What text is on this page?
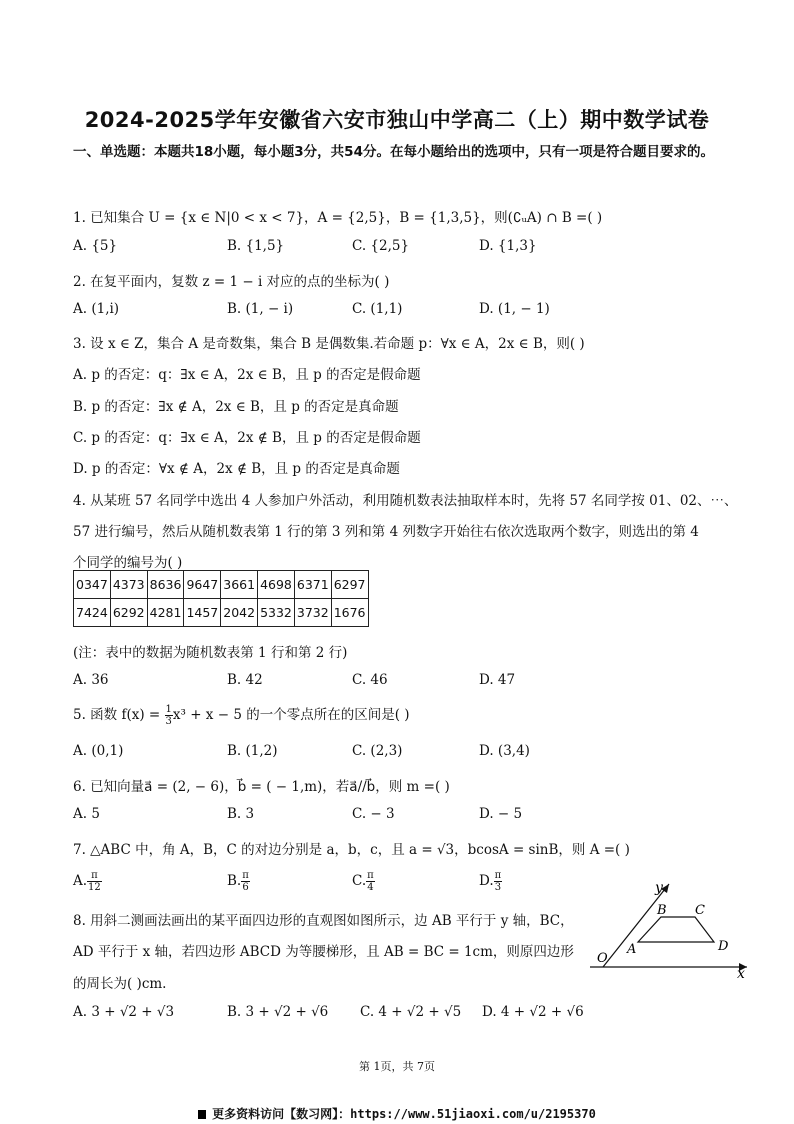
2024-2025学年安徽省六安市独山中学高二（上）期中数学试卷
一、单选题：本题共18小题，每小题3分，共54分。在每小题给出的选项中，只有一项是符合题目要求的。
1. 已知集合 U = {x ∈ N|0 < x < 7}，A = {2,5}，B = {1,3,5}，则(∁ᵤA) ∩ B =( )
A. {5}	B. {1,5}	C. {2,5}	D. {1,3}
2. 在复平面内，复数 z = 1 − i 对应的点的坐标为( )
A. (1,i)	B. (1, − i)	C. (1,1)	D. (1, − 1)
3. 设 x ∈ Z，集合 A 是奇数集，集合 B 是偶数集.若命题 p：∀x ∈ A，2x ∈ B，则( )
A. p 的否定：q：∃x ∈ A，2x ∈ B，且 p 的否定是假命题
B. p 的否定：∃x ∉ A，2x ∈ B，且 p 的否定是真命题
C. p 的否定：q：∃x ∈ A，2x ∉ B，且 p 的否定是假命题
D. p 的否定：∀x ∉ A，2x ∉ B，且 p 的否定是真命题
4. 从某班 57 名同学中选出 4 人参加户外活动，利用随机数表法抽取样本时，先将 57 名同学按 01、02、⋯、
57 进行编号，然后从随机数表第 1 行的第 3 列和第 4 列数字开始往右依次选取两个数字，则选出的第 4
个同学的编号为( )
0347	4373	8636	9647	3661	4698	6371	6297
7424	6292	4281	1457	2042	5332	3732	1676
(注：表中的数据为随机数表第 1 行和第 2 行)
A. 36	B. 42	C. 46	D. 47
5. 函数 $f(x) = \frac{1}{3} x^3 + x - 5$ 的一个零点所在的区间是( )
A. (0,1)	B. (1,2)	C. (2,3)	D. (3,4)
6. 已知向量a⃗ = (2, − 6)，b⃗ = ( − 1,m)，若a⃗//b⃗，则 m =( )
A. 5	B. 3	C. − 3	D. − 5
7. △ABC 中，角 A，B，C 的对边分别是 a，b，c，且 a = √3，bcosA = sinB，则 A =( )
A. $\frac{\pi}{12}$	B. $\frac{\pi}{6}$	C. $\frac{\pi}{4}$	D. $\frac{\pi}{3}$
8. 用斜二测画法画出的某平面四边形的直观图如图所示，边 AB 平行于 y 轴，BC，
AD 平行于 x 轴，若四边形 ABCD 为等腰梯形，且 AB = BC = 1cm，则原四边形
的周长为( )cm.
A. 3 + √2 + √3	B. 3 + √2 + √6 C. 4 + √2 + √5 D. 4 + √2 + √6
x
y
O
A
B C
D
第 1页，共 7页
更多资料访问【数习网】：https://www.51jiaoxi.com/u/2195370
